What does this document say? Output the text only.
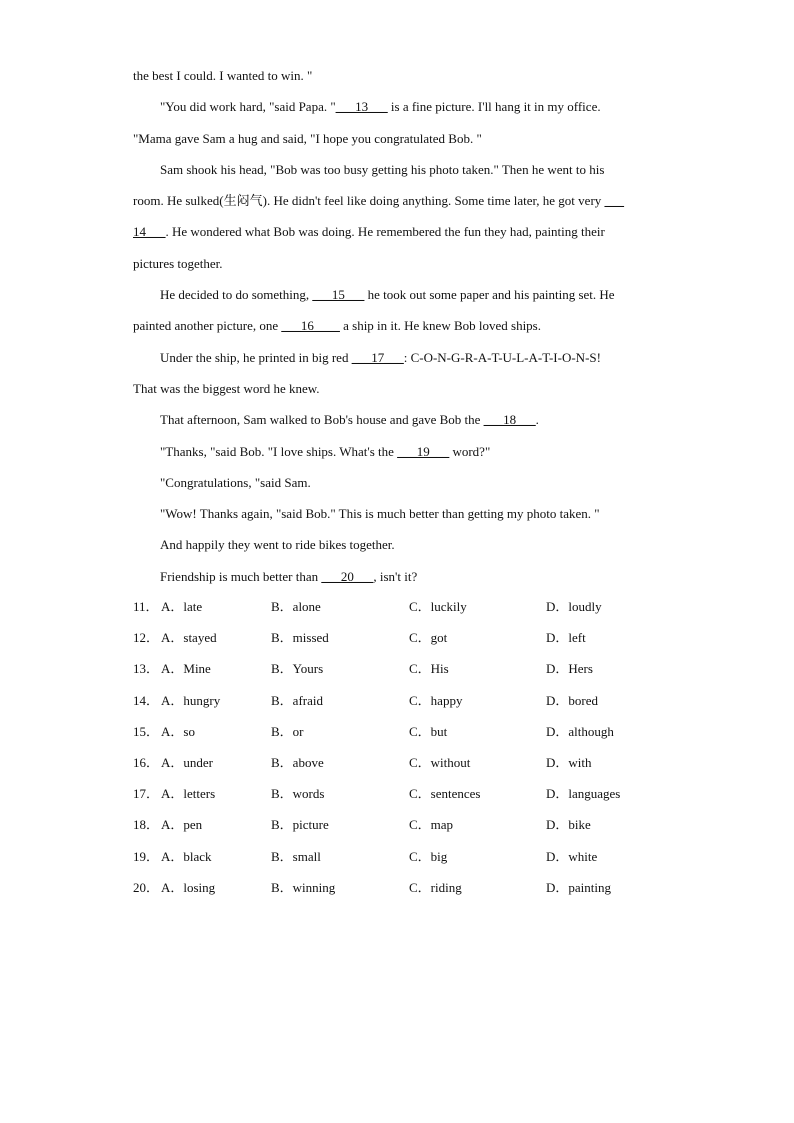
the best I could. I wanted to win. "
"You did work hard, "said Papa. "___13___ is a fine picture. I'll hang it in my office.
"Mama gave Sam a hug and said, "I hope you congratulated Bob. "
Sam shook his head, "Bob was too busy getting his photo taken." Then he went to his
room. He sulked(生闷气). He didn't feel like doing anything. Some time later, he got very ___
14___. He wondered what Bob was doing. He remembered the fun they had, painting their
pictures together.
He decided to do something, ___15___ he took out some paper and his painting set. He
painted another picture, one ___16____ a ship in it. He knew Bob loved ships.
Under the ship, he printed in big red ___17___: C-O-N-G-R-A-T-U-L-A-T-I-O-N-S!
That was the biggest word he knew.
That afternoon, Sam walked to Bob's house and gave Bob the ___18___.
"Thanks, "said Bob. "I love ships. What's the ___19___ word?"
"Congratulations, "said Sam.
"Wow! Thanks again, "said Bob." This is much better than getting my photo taken. "
And happily they went to ride bikes together.
Friendship is much better than ___20___, isn't it?
11． A．late	B．alone	C．luckily	D．loudly
12． A．stayed	B．missed	C．got	D．left
13． A．Mine	B．Yours	C．His	D．Hers
14． A．hungry	B．afraid	C．happy	D．bored
15． A．so	B．or	C．but	D．although
16． A．under	B．above	C．without	D．with
17． A．letters	B．words	C．sentences	D．languages
18． A．pen	B．picture	C．map	D．bike
19． A．black	B．small	C．big	D．white
20． A．losing	B．winning	C．riding	D．painting
